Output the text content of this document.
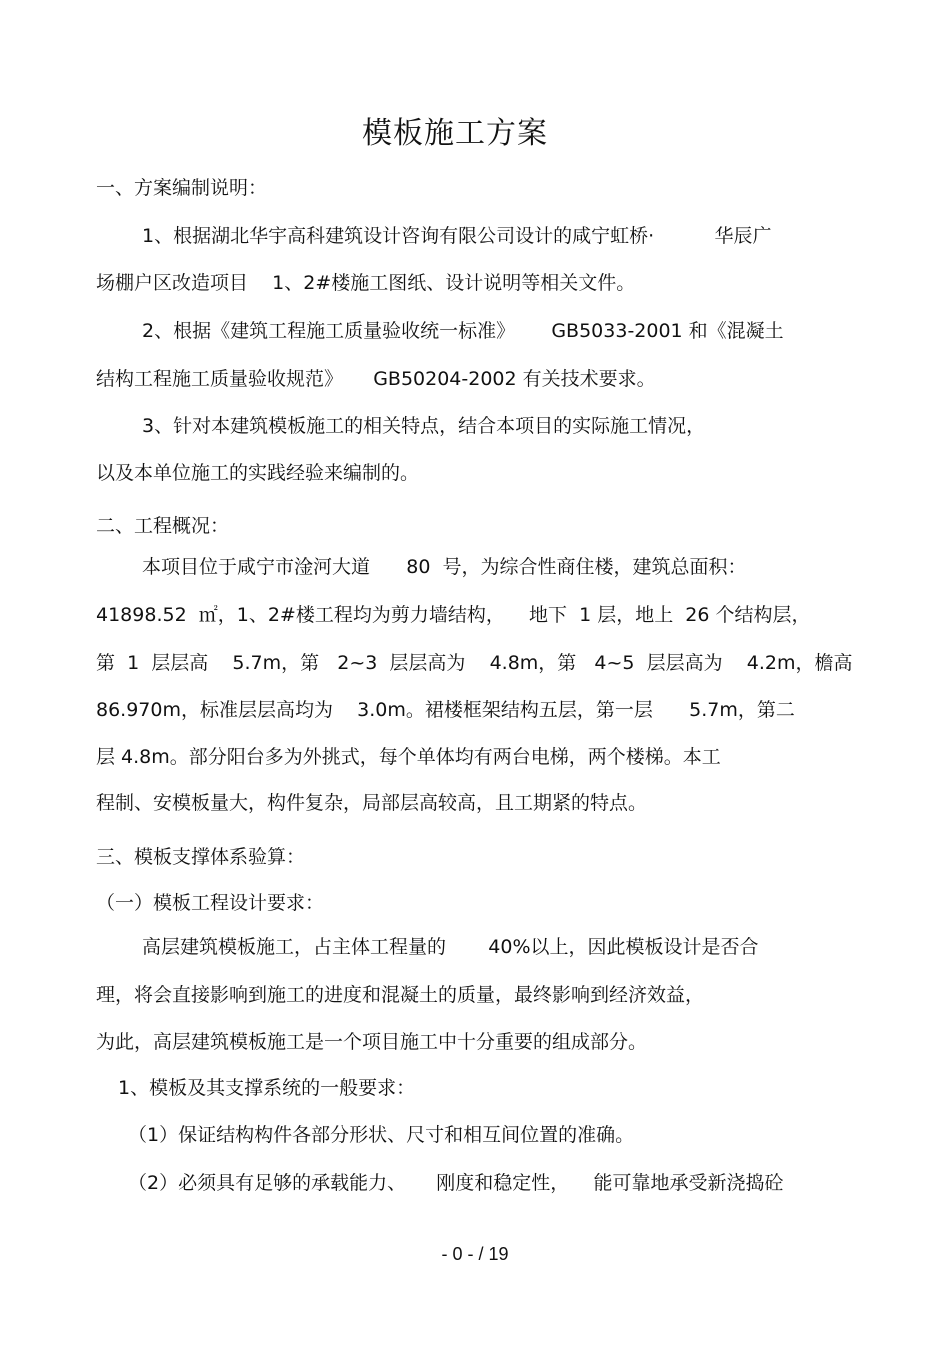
模板施工方案
一、方案编制说明：
1、根据湖北华宇高科建筑设计咨询有限公司设计的咸宁虹桥·          华辰广
场棚户区改造项目    1、2#楼施工图纸、设计说明等相关文件。
2、根据《建筑工程施工质量验收统一标准》      GB5033-2001 和《混凝土
结构工程施工质量验收规范》     GB50204-2002 有关技术要求。
3、针对本建筑模板施工的相关特点，结合本项目的实际施工情况，
以及本单位施工的实践经验来编制的。
二、工程概况：
本项目位于咸宁市淦河大道      80  号，为综合性商住楼，建筑总面积：
41898.52  ㎡，1、2#楼工程均为剪力墙结构，    地下  1 层，地上  26 个结构层，
第  1  层层高    5.7m，第   2~3  层层高为    4.8m，第   4~5  层层高为    4.2m，檐高
86.970m，标准层层高均为    3.0m。裙楼框架结构五层，第一层      5.7m，第二
层 4.8m。部分阳台多为外挑式，每个单体均有两台电梯，两个楼梯。本工
程制、安模板量大，构件复杂，局部层高较高，且工期紧的特点。
三、模板支撑体系验算：
（一）模板工程设计要求：
高层建筑模板施工，占主体工程量的       40%以上，因此模板设计是否合
理，将会直接影响到施工的进度和混凝土的质量，最终影响到经济效益，
为此，高层建筑模板施工是一个项目施工中十分重要的组成部分。
1、模板及其支撑系统的一般要求：
（1）保证结构构件各部分形状、尺寸和相互间位置的准确。
（2）必须具有足够的承载能力、     刚度和稳定性，    能可靠地承受新浇捣砼
- 0 - / 19
